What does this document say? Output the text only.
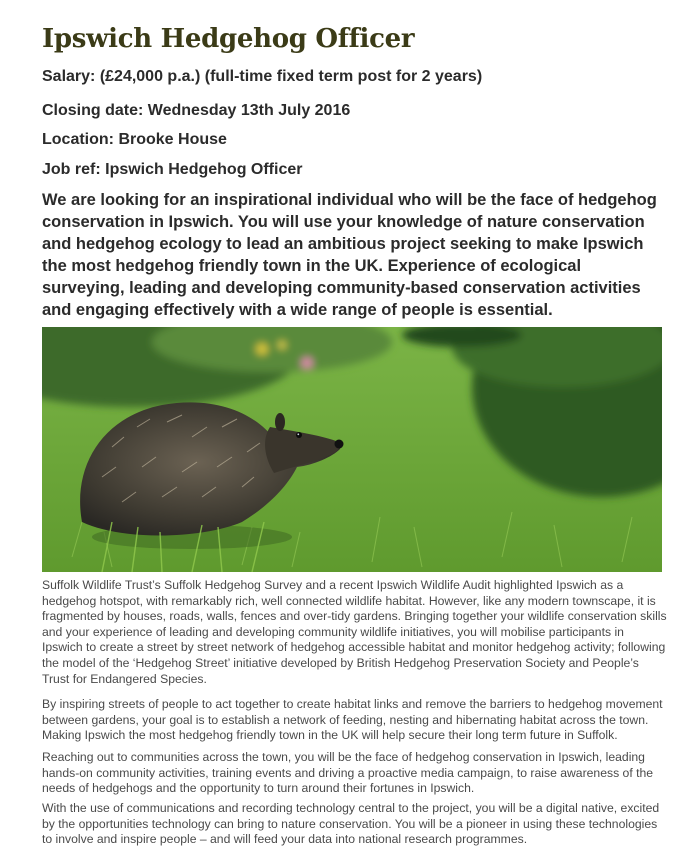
Ipswich Hedgehog Officer

Salary: (£24,000 p.a.) (full-time fixed term post for 2 years)

Closing date: Wednesday 13th July 2016

Location: Brooke House

Job ref: Ipswich Hedgehog Officer

We are looking for an inspirational individual who will be the face of hedgehog conservation in Ipswich. You will use your knowledge of nature conservation and hedgehog ecology to lead an ambitious project seeking to make Ipswich the most hedgehog friendly town in the UK. Experience of ecological surveying, leading and developing community-based conservation activities and engaging effectively with a wide range of people is essential.

Suffolk Wildlife Trust’s Suffolk Hedgehog Survey and a recent Ipswich Wildlife Audit highlighted Ipswich as a hedgehog hotspot, with remarkably rich, well connected wildlife habitat. However, like any modern townscape, it is fragmented by houses, roads, walls, fences and over-tidy gardens. Bringing together your wildlife conservation skills and your experience of leading and developing community wildlife initiatives, you will mobilise participants in Ipswich to create a street by street network of hedgehog accessible habitat and monitor hedgehog activity; following the model of the ‘Hedgehog Street’ initiative developed by British Hedgehog Preservation Society and People’s Trust for Endangered Species.

By inspiring streets of people to act together to create habitat links and remove the barriers to hedgehog movement between gardens, your goal is to establish a network of feeding, nesting and hibernating habitat across the town. Making Ipswich the most hedgehog friendly town in the UK will help secure their long term future in Suffolk.

Reaching out to communities across the town, you will be the face of hedgehog conservation in Ipswich, leading hands-on community activities, training events and driving a proactive media campaign, to raise awareness of the needs of hedgehogs and the opportunity to turn around their fortunes in Ipswich.

With the use of communications and recording technology central to the project, you will be a digital native, excited by the opportunities technology can bring to nature conservation. You will be a pioneer in using these technologies to involve and inspire people – and will feed your data into national research programmes.
